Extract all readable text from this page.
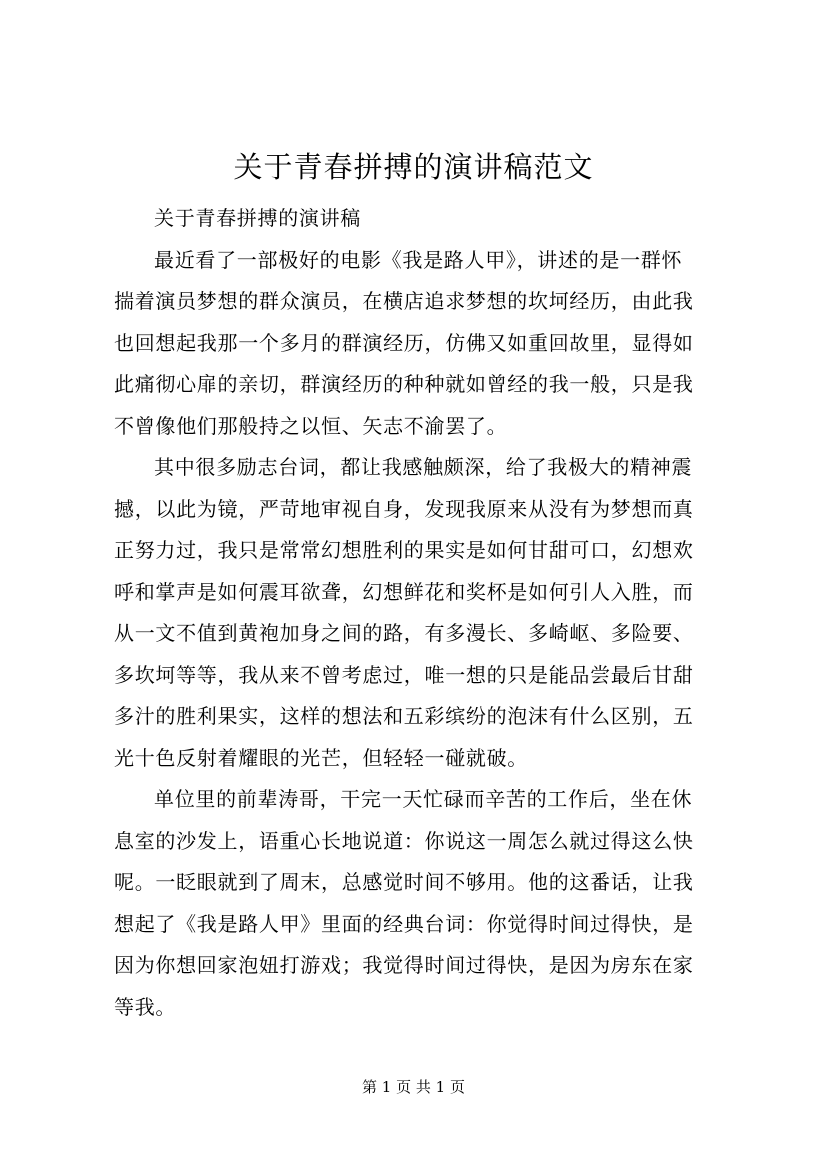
关于青春拼搏的演讲稿范文
关于青春拼搏的演讲稿
最近看了一部极好的电影《我是路人甲》，讲述的是一群怀
揣着演员梦想的群众演员，在横店追求梦想的坎坷经历，由此我
也回想起我那一个多月的群演经历，仿佛又如重回故里，显得如
此痛彻心扉的亲切，群演经历的种种就如曾经的我一般，只是我
不曾像他们那般持之以恒、矢志不渝罢了。
其中很多励志台词，都让我感触颇深，给了我极大的精神震
撼，以此为镜，严苛地审视自身，发现我原来从没有为梦想而真
正努力过，我只是常常幻想胜利的果实是如何甘甜可口，幻想欢
呼和掌声是如何震耳欲聋，幻想鲜花和奖杯是如何引人入胜，而
从一文不值到黄袍加身之间的路，有多漫长、多崎岖、多险要、
多坎坷等等，我从来不曾考虑过，唯一想的只是能品尝最后甘甜
多汁的胜利果实，这样的想法和五彩缤纷的泡沫有什么区别，五
光十色反射着耀眼的光芒，但轻轻一碰就破。
单位里的前辈涛哥，干完一天忙碌而辛苦的工作后，坐在休
息室的沙发上，语重心长地说道：你说这一周怎么就过得这么快
呢。一眨眼就到了周末，总感觉时间不够用。他的这番话，让我
想起了《我是路人甲》里面的经典台词：你觉得时间过得快，是
因为你想回家泡妞打游戏；我觉得时间过得快，是因为房东在家
等我。
第 1 页 共 1 页
